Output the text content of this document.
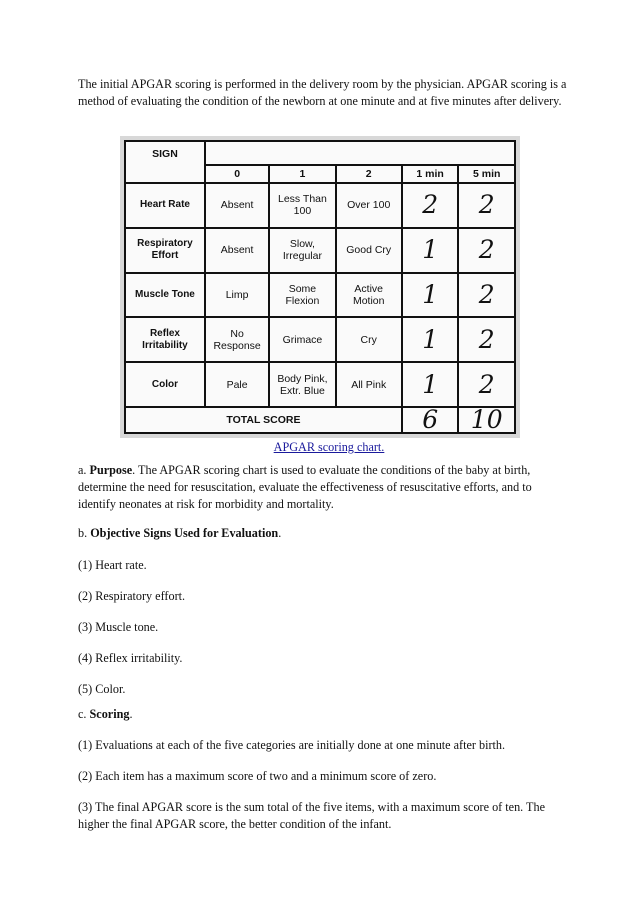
The initial APGAR scoring is performed in the delivery room by the physician. APGAR scoring is a method of evaluating the condition of the newborn at one minute and at five minutes after delivery.

SIGN					
	0	1	2	1 min	5 min
Heart Rate	Absent	Less Than 100	Over 100	2	2
Respiratory Effort	Absent	Slow, Irregular	Good Cry	1	2
Muscle Tone	Limp	Some Flexion	Active Motion	1	2
Reflex Irritability	No Response	Grimace	Cry	1	2
Color	Pale	Body Pink, Extr. Blue	All Pink	1	2
TOTAL SCORE				6	10
APGAR scoring chart.

a. Purpose. The APGAR scoring chart is used to evaluate the conditions of the baby at birth, determine the need for resuscitation, evaluate the effectiveness of resuscitative efforts, and to identify neonates at risk for morbidity and mortality.

b. Objective Signs Used for Evaluation.

(1) Heart rate.

(2) Respiratory effort.

(3) Muscle tone.

(4) Reflex irritability.

(5) Color.

c. Scoring.

(1) Evaluations at each of the five categories are initially done at one minute after birth.

(2) Each item has a maximum score of two and a minimum score of zero.

(3) The final APGAR score is the sum total of the five items, with a maximum score of ten. The higher the final APGAR score, the better condition of the infant.
